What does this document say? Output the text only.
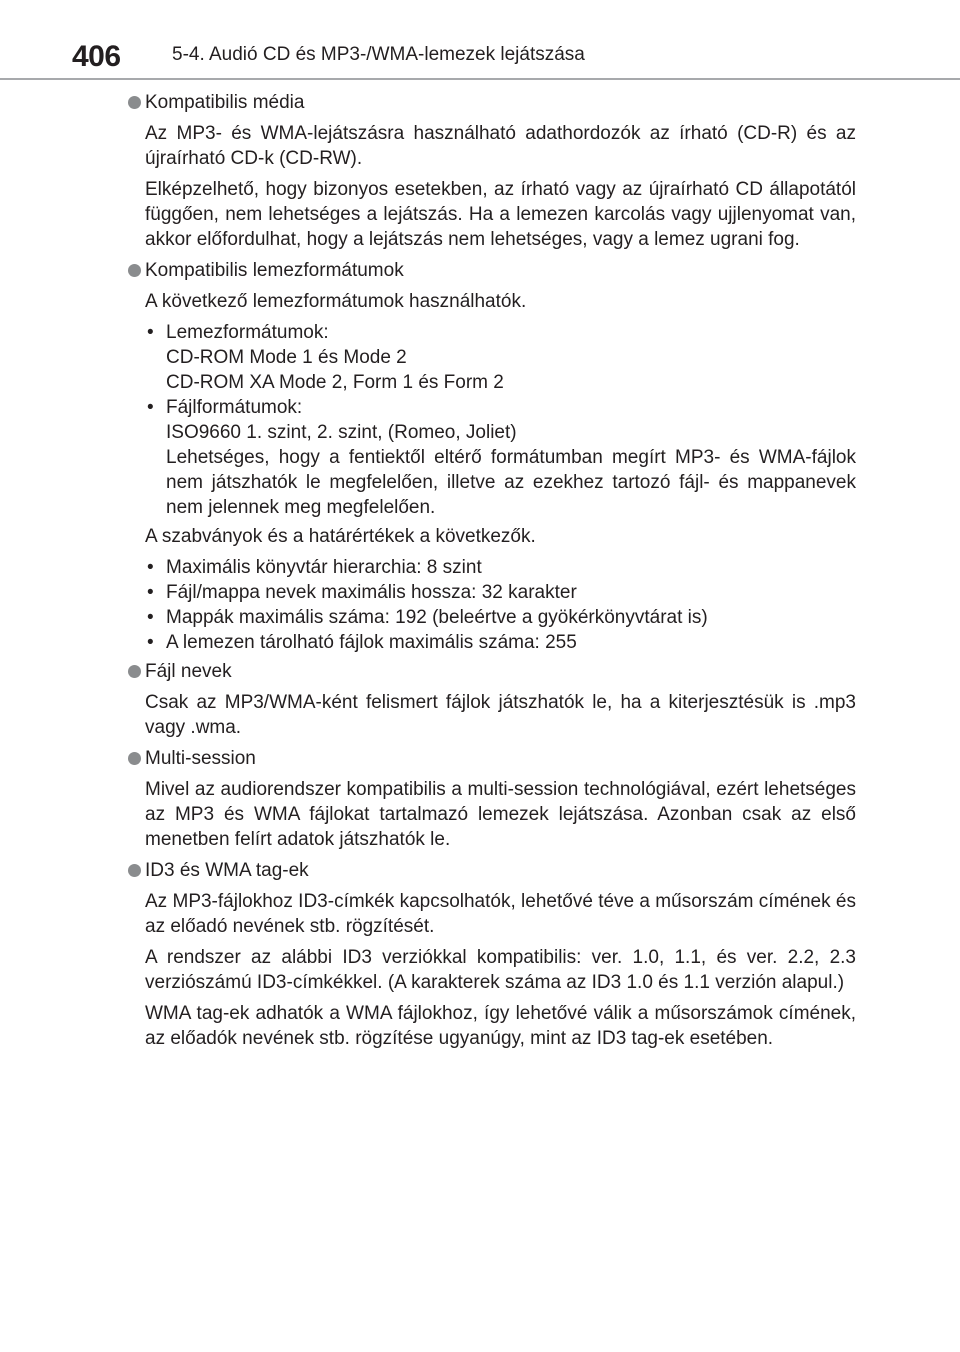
406	5-4. Audió CD és MP3-/WMA-lemezek lejátszása
Kompatibilis média
Az MP3- és WMA-lejátszásra használható adathordozók az írható (CD-R) és az újraírható CD-k (CD-RW).
Elképzelhető, hogy bizonyos esetekben, az írható vagy az újraírható CD állapotától függően, nem lehetséges a lejátszás. Ha a lemezen karcolás vagy ujjlenyomat van, akkor előfordulhat, hogy a lejátszás nem lehetséges, vagy a lemez ugrani fog.
Kompatibilis lemezformátumok
A következő lemezformátumok használhatók.
• Lemezformátumok:
CD-ROM Mode 1 és Mode 2
CD-ROM XA Mode 2, Form 1 és Form 2
• Fájlformátumok:
ISO9660 1. szint, 2. szint, (Romeo, Joliet)
Lehetséges, hogy a fentiektől eltérő formátumban megírt MP3- és WMA-fájlok nem játszhatók le megfelelően, illetve az ezekhez tartozó fájl- és mappanevek nem jelennek meg megfelelően.
A szabványok és a határértékek a következők.
• Maximális könyvtár hierarchia: 8 szint
• Fájl/mappa nevek maximális hossza: 32 karakter
• Mappák maximális száma: 192 (beleértve a gyökérkönyvtárat is)
• A lemezen tárolható fájlok maximális száma: 255
Fájl nevek
Csak az MP3/WMA-ként felismert fájlok játszhatók le, ha a kiterjesztésük is .mp3 vagy .wma.
Multi-session
Mivel az audiorendszer kompatibilis a multi-session technológiával, ezért lehetséges az MP3 és WMA fájlokat tartalmazó lemezek lejátszása. Azonban csak az első menetben felírt adatok játszhatók le.
ID3 és WMA tag-ek
Az MP3-fájlokhoz ID3-címkék kapcsolhatók, lehetővé téve a műsorszám címének és az előadó nevének stb. rögzítését.
A rendszer az alábbi ID3 verziókkal kompatibilis: ver. 1.0, 1.1, és ver. 2.2, 2.3 verziószámú ID3-címkékkel. (A karakterek száma az ID3 1.0 és 1.1 verzión alapul.)
WMA tag-ek adhatók a WMA fájlokhoz, így lehetővé válik a műsorszámok címének, az előadók nevének stb. rögzítése ugyanúgy, mint az ID3 tag-ek esetében.
